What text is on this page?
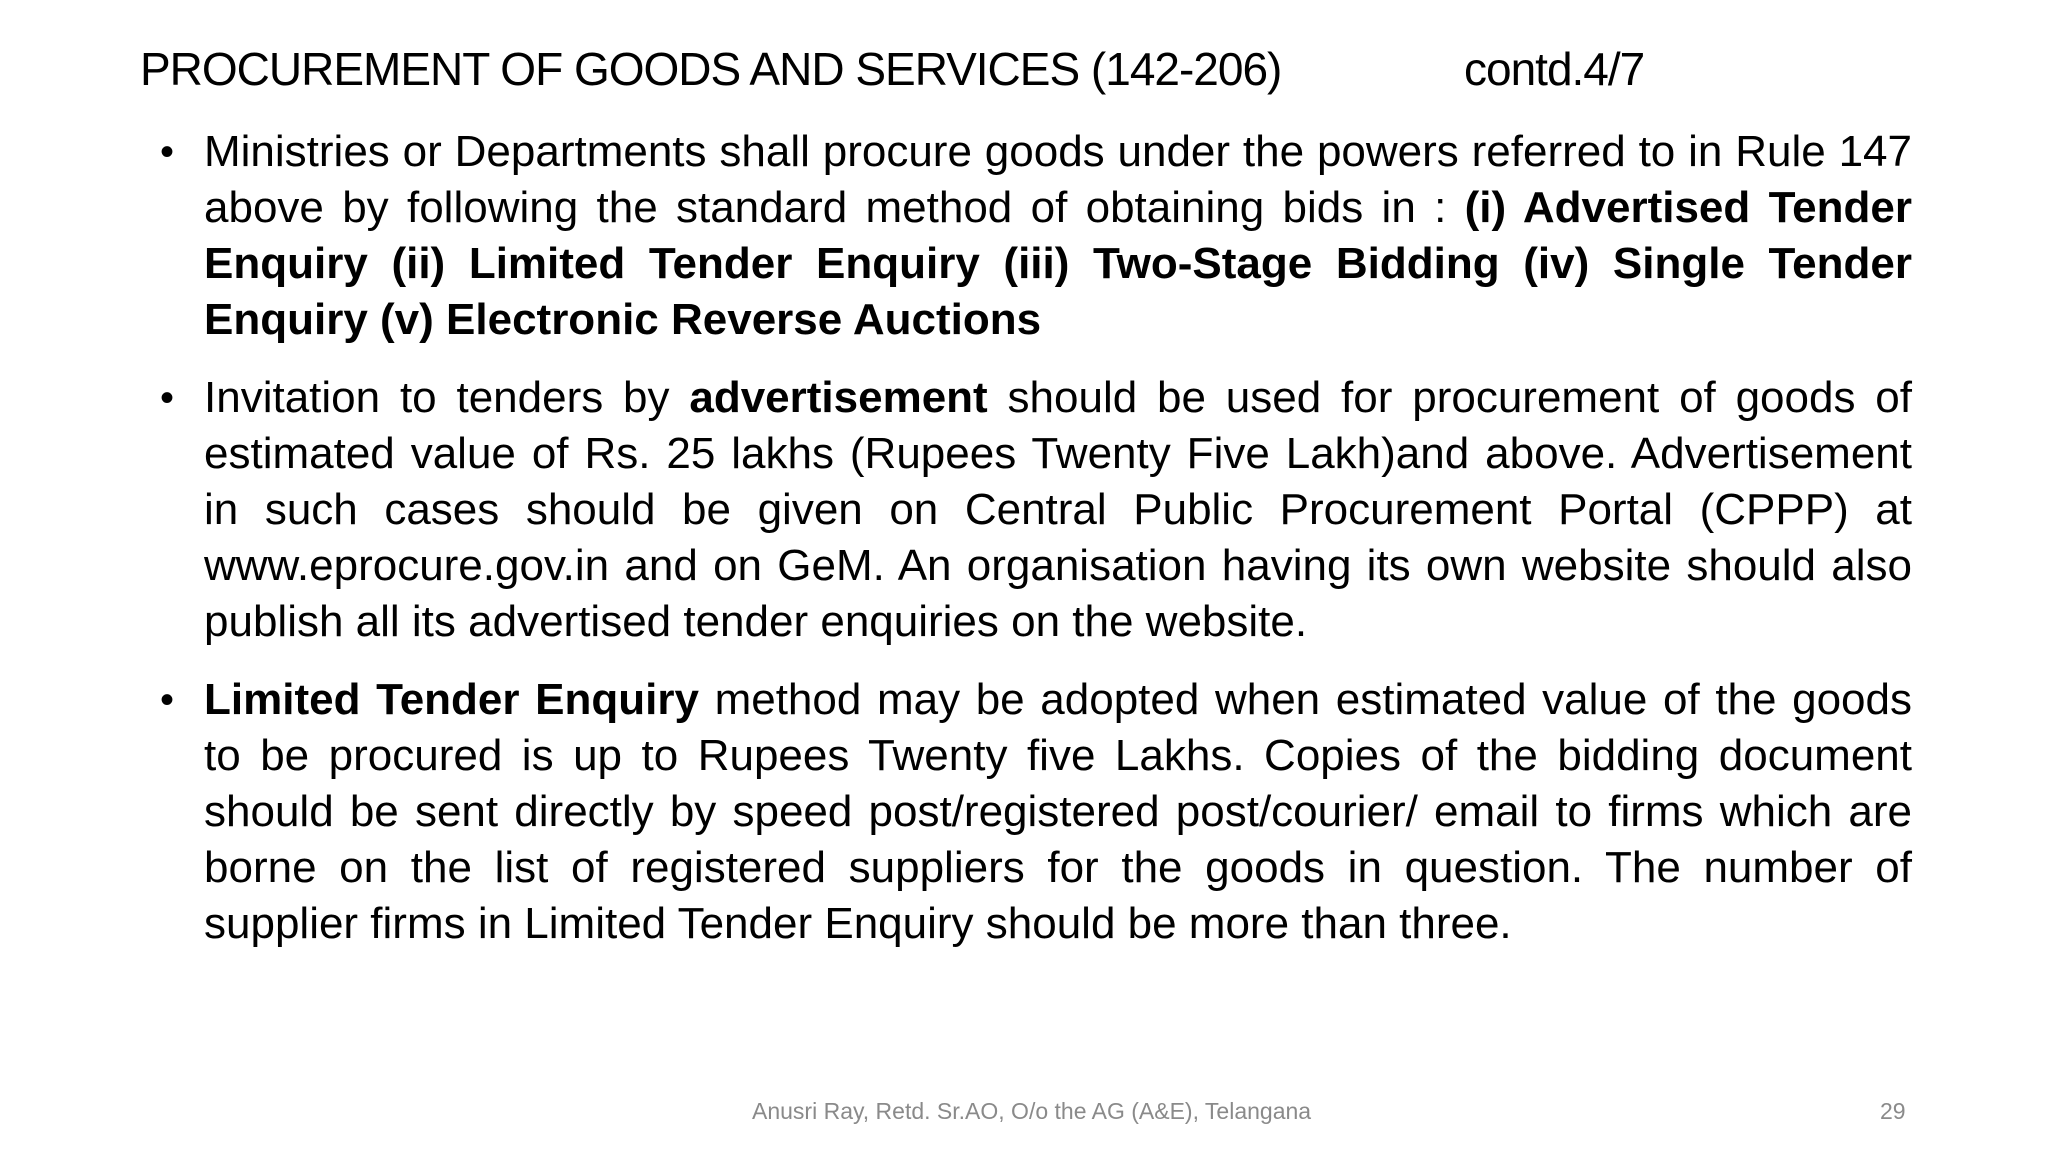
PROCUREMENT OF GOODS AND SERVICES (142-206)	contd.4/7
• Ministries or Departments shall procure goods under the powers referred to in Rule 147 above by following the standard method of obtaining bids in : (i) Advertised Tender Enquiry (ii) Limited Tender Enquiry (iii) Two-Stage Bidding (iv) Single Tender Enquiry (v) Electronic Reverse Auctions
• Invitation to tenders by advertisement should be used for procurement of goods of estimated value of Rs. 25 lakhs (Rupees Twenty Five Lakh)and above. Advertisement in such cases should be given on Central Public Procurement Portal (CPPP) at www.eprocure.gov.in and on GeM. An organisation having its own website should also publish all its advertised tender enquiries on the website.
• Limited Tender Enquiry method may be adopted when estimated value of the goods to be procured is up to Rupees Twenty five Lakhs. Copies of the bidding document should be sent directly by speed post/registered post/courier/ email to firms which are borne on the list of registered suppliers for the goods in question. The number of supplier firms in Limited Tender Enquiry should be more than three.
Anusri Ray, Retd. Sr.AO, O/o the AG (A&E), Telangana	29
